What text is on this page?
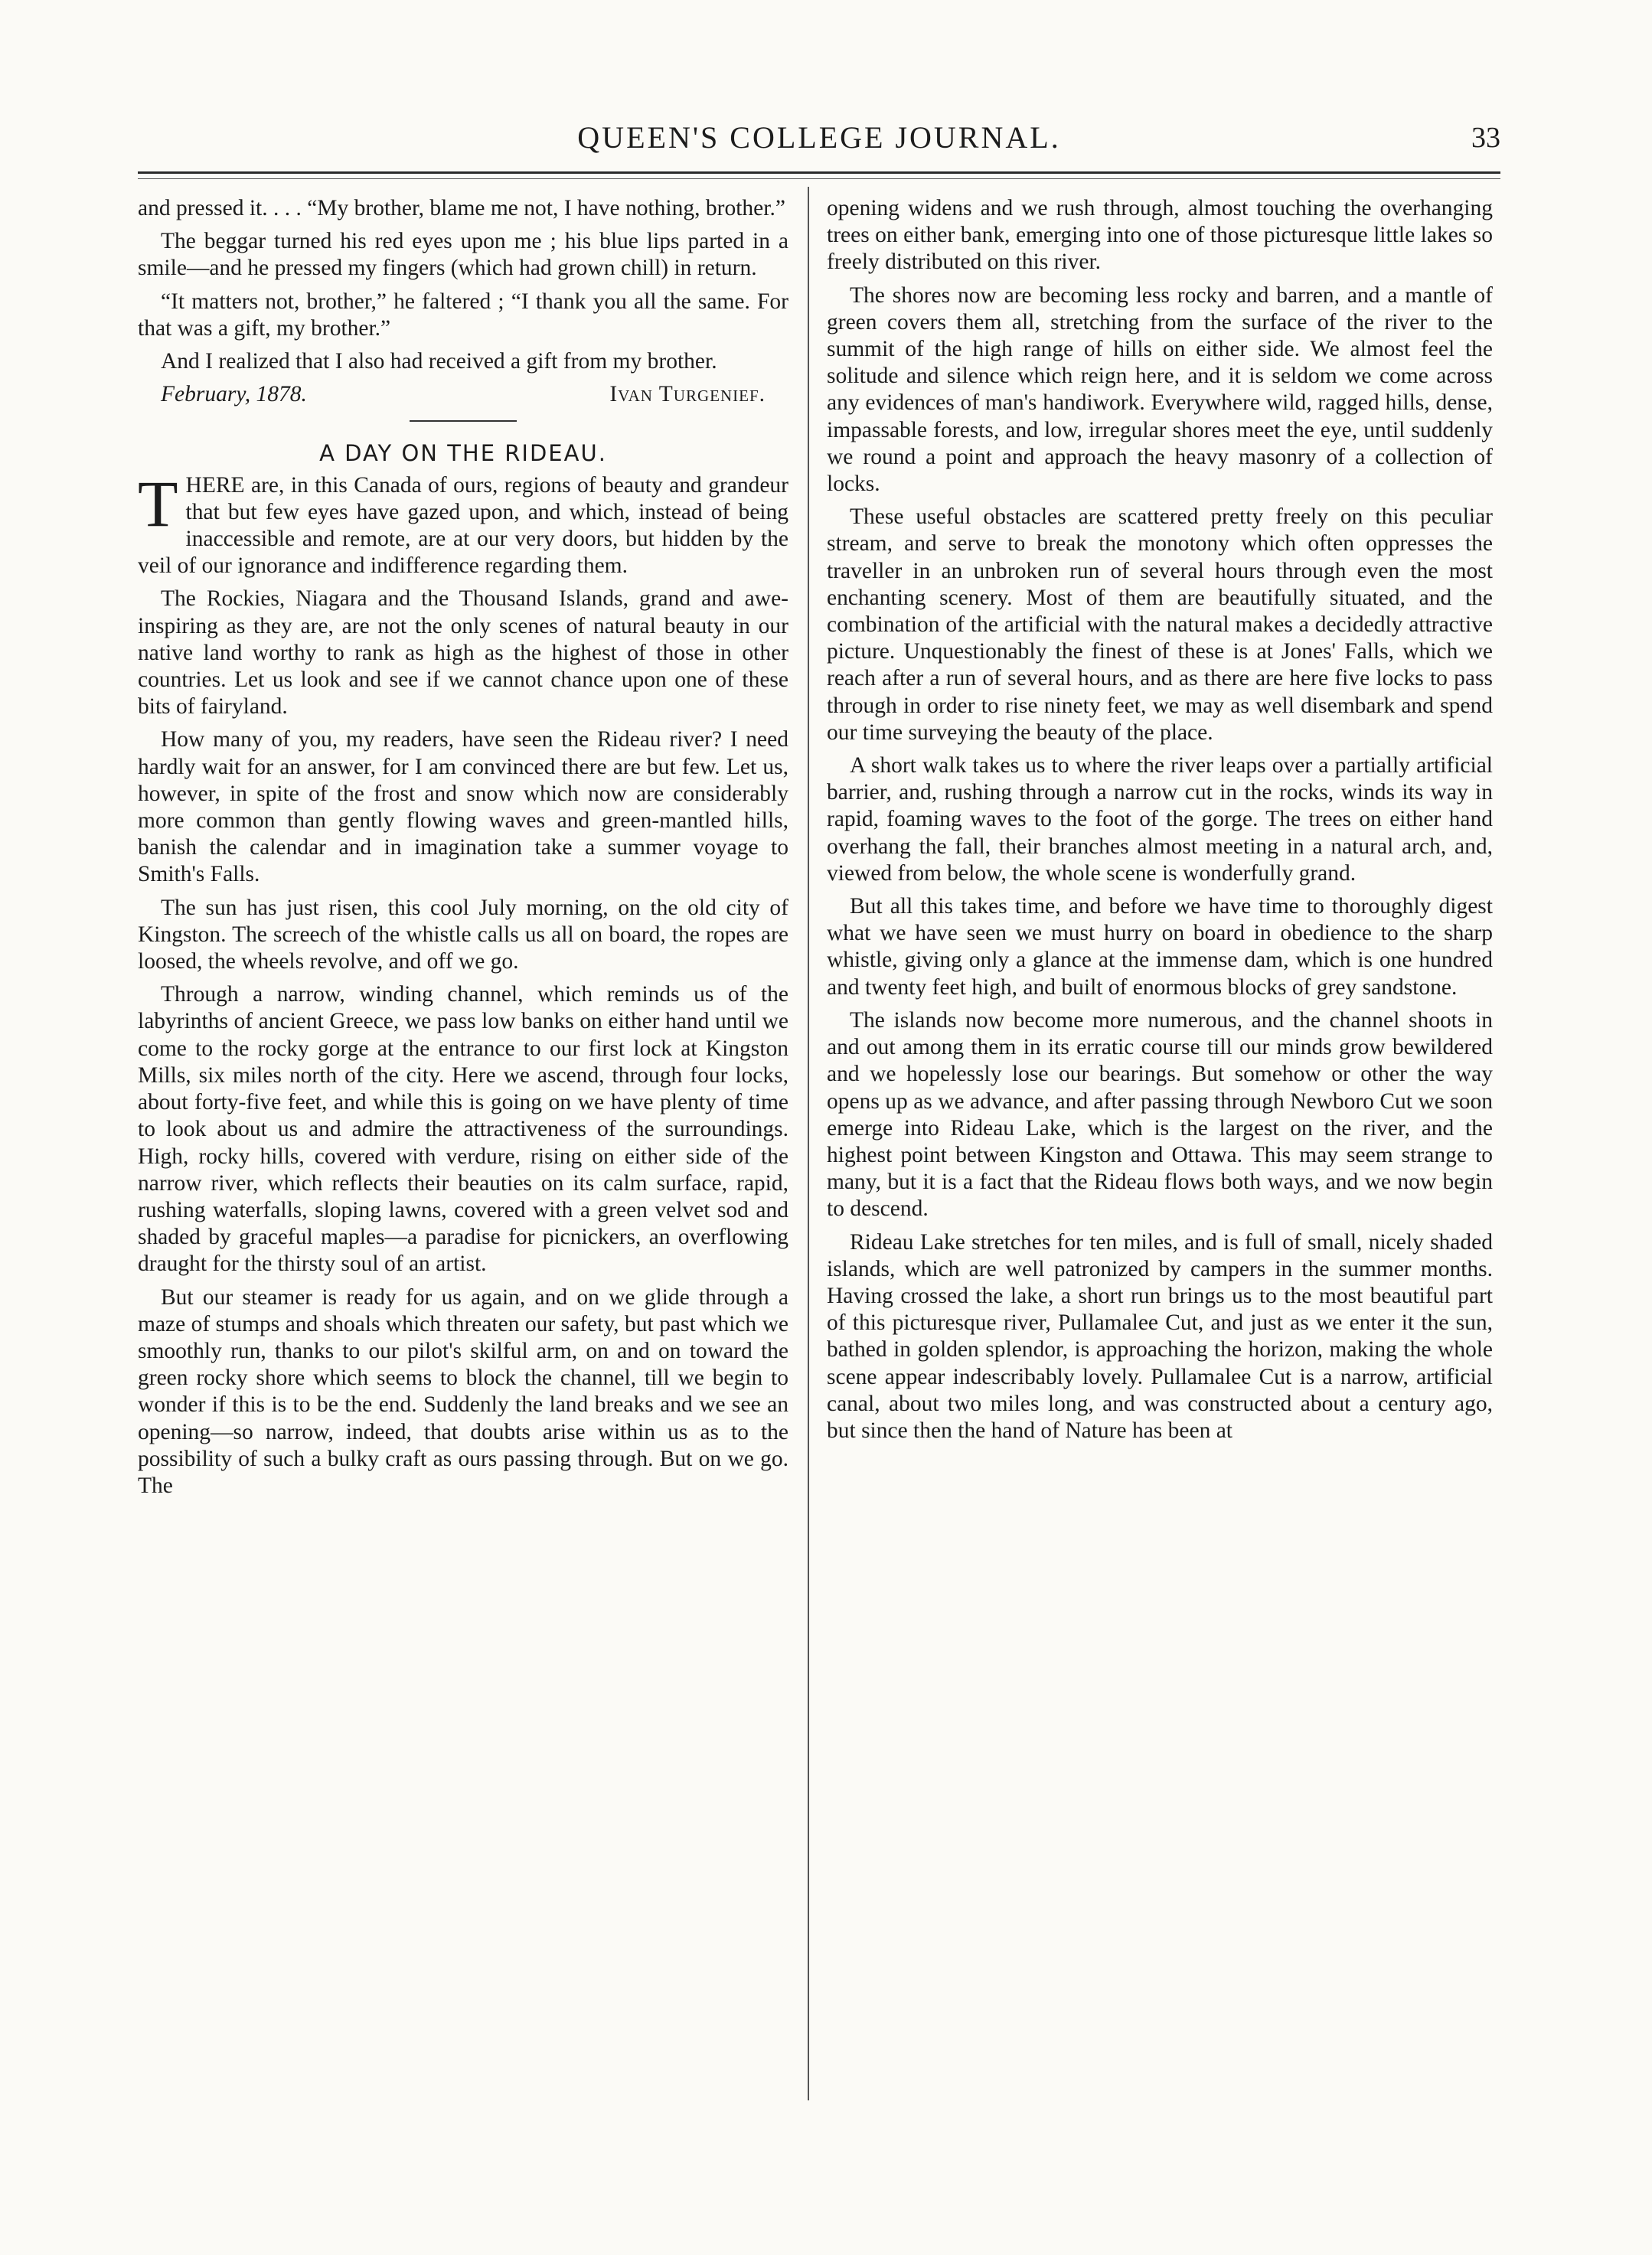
QUEEN'S COLLEGE JOURNAL.	33

and pressed it. . . . “My brother, blame me not, I have nothing, brother.”

The beggar turned his red eyes upon me ; his blue lips parted in a smile—and he pressed my fingers (which had grown chill) in return.

“It matters not, brother,” he faltered ; “I thank you all the same. For that was a gift, my brother.”

And I realized that I also had received a gift from my brother.

February, 1878.	Ivan Turgenief.
A DAY ON THE RIDEAU.

THERE are, in this Canada of ours, regions of beauty and grandeur that but few eyes have gazed upon, and which, instead of being inaccessible and remote, are at our very doors, but hidden by the veil of our ignorance and indifference regarding them.

The Rockies, Niagara and the Thousand Islands, grand and awe-inspiring as they are, are not the only scenes of natural beauty in our native land worthy to rank as high as the highest of those in other countries. Let us look and see if we cannot chance upon one of these bits of fairyland.

How many of you, my readers, have seen the Rideau river? I need hardly wait for an answer, for I am convinced there are but few. Let us, however, in spite of the frost and snow which now are considerably more common than gently flowing waves and green-mantled hills, banish the calendar and in imagination take a summer voyage to Smith's Falls.

The sun has just risen, this cool July morning, on the old city of Kingston. The screech of the whistle calls us all on board, the ropes are loosed, the wheels revolve, and off we go.

Through a narrow, winding channel, which reminds us of the labyrinths of ancient Greece, we pass low banks on either hand until we come to the rocky gorge at the entrance to our first lock at Kingston Mills, six miles north of the city. Here we ascend, through four locks, about forty-five feet, and while this is going on we have plenty of time to look about us and admire the attractiveness of the surroundings. High, rocky hills, covered with verdure, rising on either side of the narrow river, which reflects their beauties on its calm surface, rapid, rushing waterfalls, sloping lawns, covered with a green velvet sod and shaded by graceful maples—a paradise for picnickers, an overflowing draught for the thirsty soul of an artist.

But our steamer is ready for us again, and on we glide through a maze of stumps and shoals which threaten our safety, but past which we smoothly run, thanks to our pilot's skilful arm, on and on toward the green rocky shore which seems to block the channel, till we begin to wonder if this is to be the end. Suddenly the land breaks and we see an opening—so narrow, indeed, that doubts arise within us as to the possibility of such a bulky craft as ours passing through. But on we go. The

opening widens and we rush through, almost touching the overhanging trees on either bank, emerging into one of those picturesque little lakes so freely distributed on this river.

The shores now are becoming less rocky and barren, and a mantle of green covers them all, stretching from the surface of the river to the summit of the high range of hills on either side. We almost feel the solitude and silence which reign here, and it is seldom we come across any evidences of man's handiwork. Everywhere wild, ragged hills, dense, impassable forests, and low, irregular shores meet the eye, until suddenly we round a point and approach the heavy masonry of a collection of locks.

These useful obstacles are scattered pretty freely on this peculiar stream, and serve to break the monotony which often oppresses the traveller in an unbroken run of several hours through even the most enchanting scenery. Most of them are beautifully situated, and the combination of the artificial with the natural makes a decidedly attractive picture. Unquestionably the finest of these is at Jones' Falls, which we reach after a run of several hours, and as there are here five locks to pass through in order to rise ninety feet, we may as well disembark and spend our time surveying the beauty of the place.

A short walk takes us to where the river leaps over a partially artificial barrier, and, rushing through a narrow cut in the rocks, winds its way in rapid, foaming waves to the foot of the gorge. The trees on either hand overhang the fall, their branches almost meeting in a natural arch, and, viewed from below, the whole scene is wonderfully grand.

But all this takes time, and before we have time to thoroughly digest what we have seen we must hurry on board in obedience to the sharp whistle, giving only a glance at the immense dam, which is one hundred and twenty feet high, and built of enormous blocks of grey sandstone.

The islands now become more numerous, and the channel shoots in and out among them in its erratic course till our minds grow bewildered and we hopelessly lose our bearings. But somehow or other the way opens up as we advance, and after passing through Newboro Cut we soon emerge into Rideau Lake, which is the largest on the river, and the highest point between Kingston and Ottawa. This may seem strange to many, but it is a fact that the Rideau flows both ways, and we now begin to descend.

Rideau Lake stretches for ten miles, and is full of small, nicely shaded islands, which are well patronized by campers in the summer months. Having crossed the lake, a short run brings us to the most beautiful part of this picturesque river, Pullamalee Cut, and just as we enter it the sun, bathed in golden splendor, is approaching the horizon, making the whole scene appear indescribably lovely. Pullamalee Cut is a narrow, artificial canal, about two miles long, and was constructed about a century ago, but since then the hand of Nature has been at
